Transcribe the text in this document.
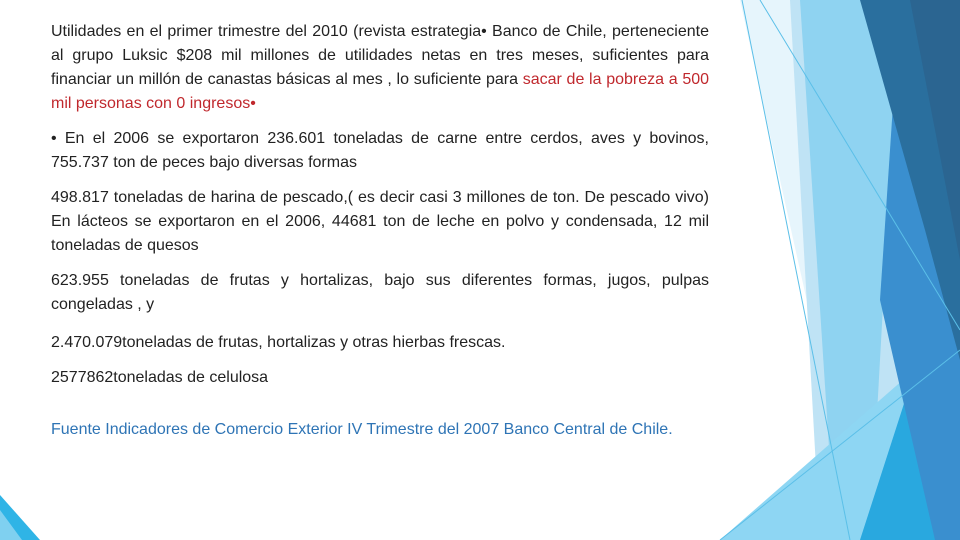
Utilidades en el primer trimestre del 2010 (revista estrategia• Banco de Chile, perteneciente al grupo Luksic $208 mil millones de utilidades netas en tres meses, suficientes para financiar un millón de canastas básicas al mes , lo suficiente para sacar de la pobreza a 500 mil personas con 0 ingresos•

• En el 2006 se exportaron 236.601 toneladas de carne entre cerdos, aves y bovinos, 755.737 ton de peces bajo diversas formas

498.817 toneladas de harina de pescado,( es decir casi 3 millones de ton. De pescado vivo) En lácteos se exportaron en el 2006, 44681 ton de leche en polvo y condensada, 12 mil toneladas de quesos

623.955 toneladas de frutas y hortalizas, bajo sus diferentes formas, jugos, pulpas congeladas , y

2.470.079toneladas de frutas, hortalizas y otras hierbas frescas.

2577862toneladas de celulosa

Fuente Indicadores de Comercio Exterior IV Trimestre del 2007 Banco Central de Chile.
